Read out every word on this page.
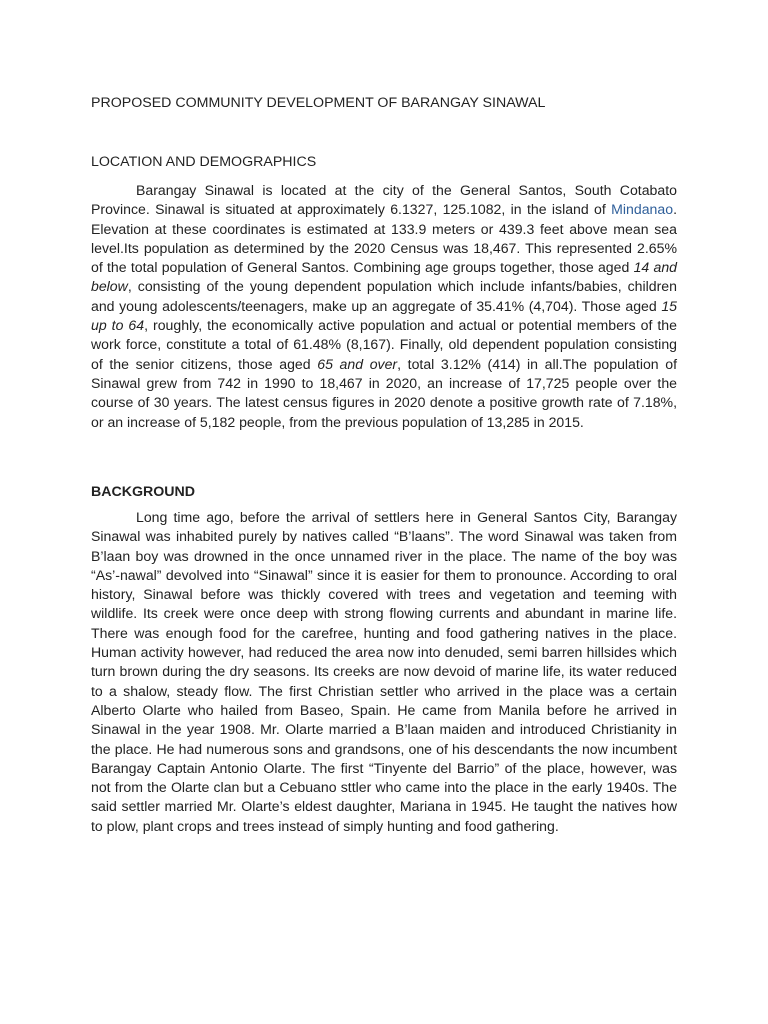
PROPOSED COMMUNITY DEVELOPMENT OF BARANGAY SINAWAL
LOCATION AND DEMOGRAPHICS

Barangay Sinawal is located at the city of the General Santos, South Cotabato Province. Sinawal is situated at approximately 6.1327, 125.1082, in the island of Mindanao. Elevation at these coordinates is estimated at 133.9 meters or 439.3 feet above mean sea level.Its population as determined by the 2020 Census was 18,467. This represented 2.65% of the total population of General Santos. Combining age groups together, those aged 14 and below, consisting of the young dependent population which include infants/babies, children and young adolescents/teenagers, make up an aggregate of 35.41% (4,704). Those aged 15 up to 64, roughly, the economically active population and actual or potential members of the work force, constitute a total of 61.48% (8,167). Finally, old dependent population consisting of the senior citizens, those aged 65 and over, total 3.12% (414) in all.The population of Sinawal grew from 742 in 1990 to 18,467 in 2020, an increase of 17,725 people over the course of 30 years. The latest census figures in 2020 denote a positive growth rate of 7.18%, or an increase of 5,182 people, from the previous population of 13,285 in 2015.

BACKGROUND

Long time ago, before the arrival of settlers here in General Santos City, Barangay Sinawal was inhabited purely by natives called “B’laans”. The word Sinawal was taken from B’laan boy was drowned in the once unnamed river in the place. The name of the boy was “As’-nawal” devolved into “Sinawal” since it is easier for them to pronounce. According to oral history, Sinawal before was thickly covered with trees and vegetation and teeming with wildlife. Its creek were once deep with strong flowing currents and abundant in marine life. There was enough food for the carefree, hunting and food gathering natives in the place. Human activity however, had reduced the area now into denuded, semi barren hillsides which turn brown during the dry seasons. Its creeks are now devoid of marine life, its water reduced to a shalow, steady flow. The first Christian settler who arrived in the place was a certain Alberto Olarte who hailed from Baseo, Spain. He came from Manila before he arrived in Sinawal in the year 1908. Mr. Olarte married a B’laan maiden and introduced Christianity in the place. He had numerous sons and grandsons, one of his descendants the now incumbent Barangay Captain Antonio Olarte. The first “Tinyente del Barrio” of the place, however, was not from the Olarte clan but a Cebuano sttler who came into the place in the early 1940s. The said settler married Mr. Olarte’s eldest daughter, Mariana in 1945. He taught the natives how to plow, plant crops and trees instead of simply hunting and food gathering.
